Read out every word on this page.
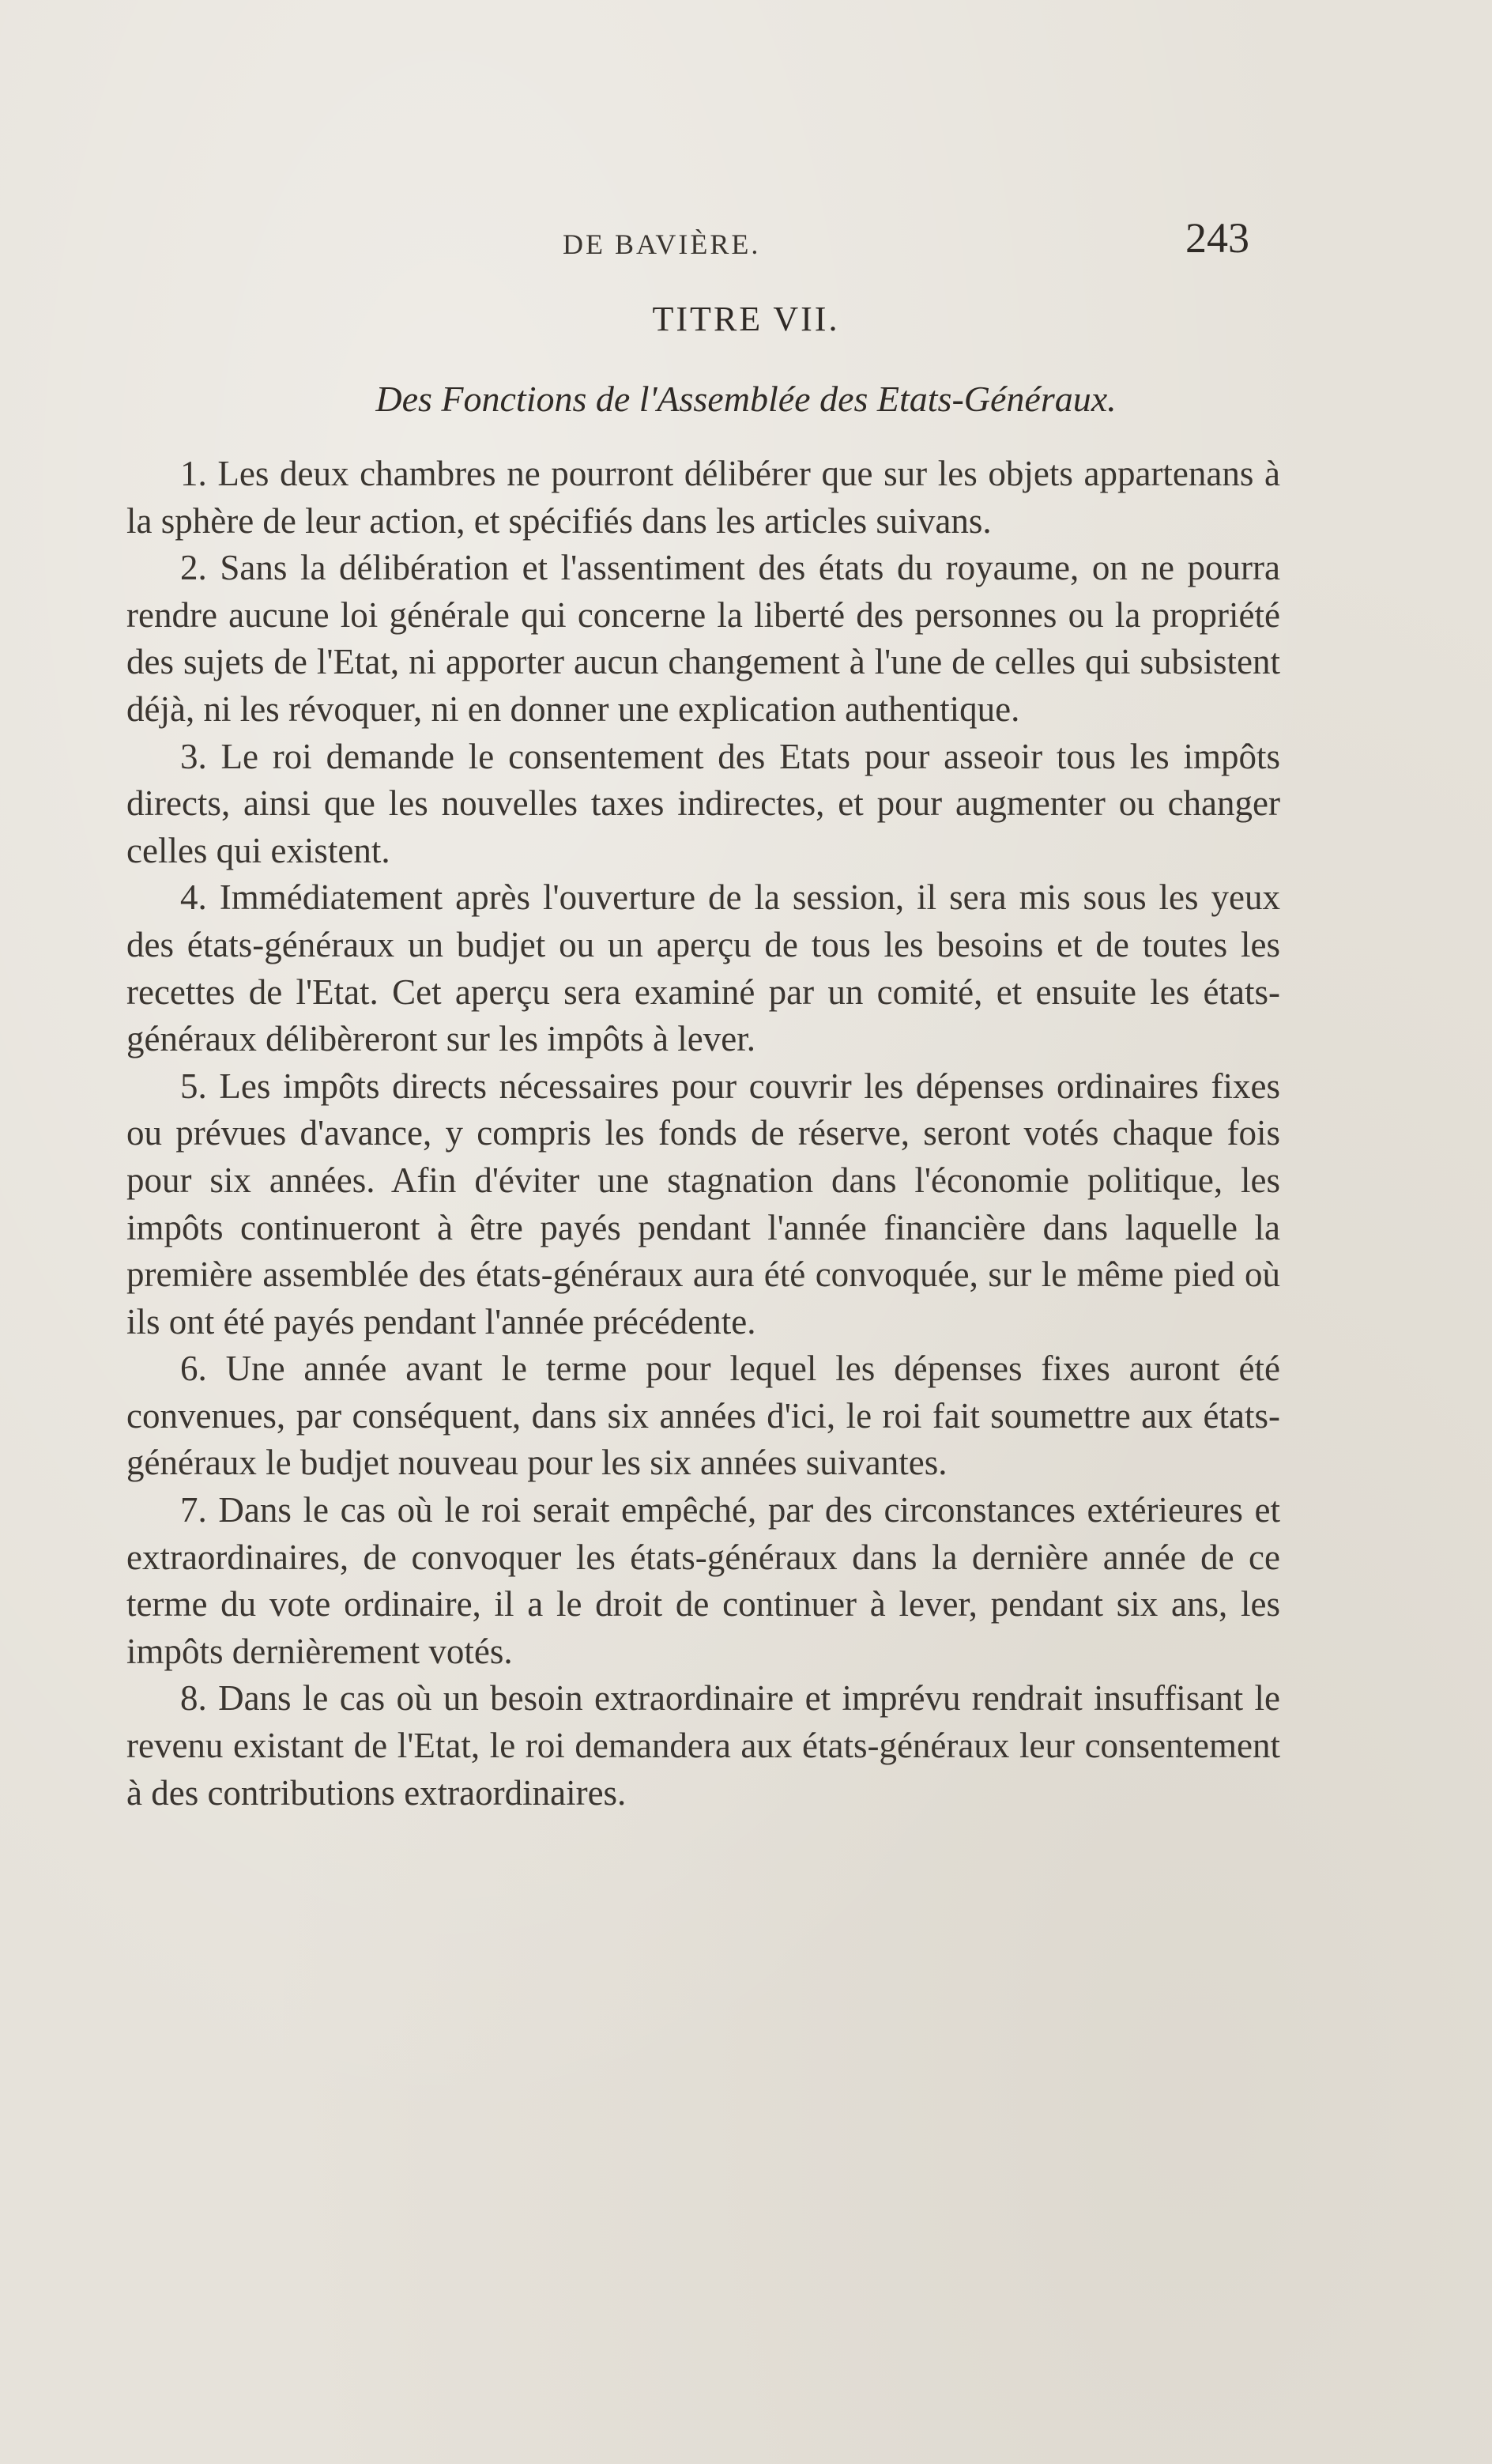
DE BAVIÈRE.	243
TITRE VII.
Des Fonctions de l'Assemblée des Etats-Généraux.

1. Les deux chambres ne pourront délibérer que sur les objets appartenans à la sphère de leur action, et spécifiés dans les articles suivans.

2. Sans la délibération et l'assentiment des états du royaume, on ne pourra rendre aucune loi générale qui concerne la liberté des personnes ou la propriété des sujets de l'Etat, ni apporter aucun changement à l'une de celles qui subsistent déjà, ni les révoquer, ni en donner une explication authentique.

3. Le roi demande le consentement des Etats pour asseoir tous les impôts directs, ainsi que les nouvelles taxes indirectes, et pour augmenter ou changer celles qui existent.

4. Immédiatement après l'ouverture de la session, il sera mis sous les yeux des états-généraux un budjet ou un aperçu de tous les besoins et de toutes les recettes de l'Etat. Cet aperçu sera examiné par un comité, et ensuite les états-généraux délibèreront sur les impôts à lever.

5. Les impôts directs nécessaires pour couvrir les dépenses ordinaires fixes ou prévues d'avance, y compris les fonds de réserve, seront votés chaque fois pour six années. Afin d'éviter une stagnation dans l'économie politique, les impôts continueront à être payés pendant l'année financière dans laquelle la première assemblée des états-généraux aura été convoquée, sur le même pied où ils ont été payés pendant l'année précédente.

6. Une année avant le terme pour lequel les dépenses fixes auront été convenues, par conséquent, dans six années d'ici, le roi fait soumettre aux états-généraux le budjet nouveau pour les six années suivantes.

7. Dans le cas où le roi serait empêché, par des circonstances extérieures et extraordinaires, de convoquer les états-généraux dans la dernière année de ce terme du vote ordinaire, il a le droit de continuer à lever, pendant six ans, les impôts dernièrement votés.

8. Dans le cas où un besoin extraordinaire et imprévu rendrait insuffisant le revenu existant de l'Etat, le roi demandera aux états-généraux leur consentement à des contributions extraordinaires.
